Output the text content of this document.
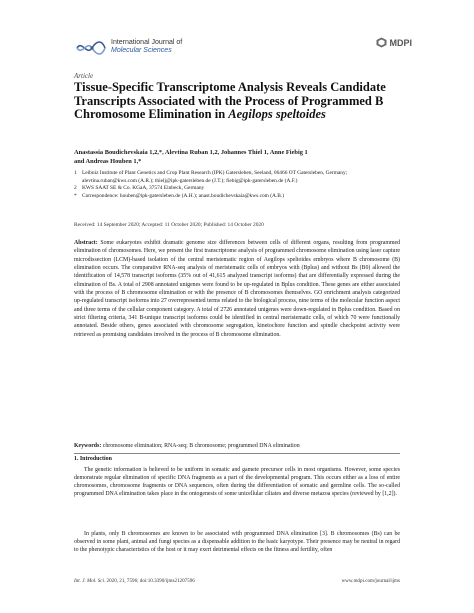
International Journal of
Molecular Sciences
MDPI
Article
Tissue-Specific Transcriptome Analysis Reveals Candidate Transcripts Associated with the Process of Programmed B Chromosome Elimination in Aegilops speltoides
Anastassia Boudichevskaia 1,2,*, Alevtina Ruban 1,2, Johannes Thiel 1, Anne Fiebig 1
and Andreas Houben 1,*
1 Leibniz Institute of Plant Genetics and Crop Plant Research (IPK) Gatersleben, Seeland, 06466 OT Gatersleben, Germany; alevtina.ruban@kws.com (A.R.); thielj@ipk-gatersleben.de (J.T.); fiebig@ipk-gatersleben.de (A.F.)
2 KWS SAAT SE & Co. KGaA, 37574 Einbeck, Germany
* Correspondence: houben@ipk-gatersleben.de (A.H.); anast.boudichevskaia@kws.com (A.B.)
Received: 14 September 2020; Accepted: 11 October 2020; Published: 14 October 2020
Abstract: Some eukaryotes exhibit dramatic genome size differences between cells of different organs, resulting from programmed elimination of chromosomes. Here, we present the first transcriptome analysis of programmed chromosome elimination using laser capture microdissection (LCM)-based isolation of the central meristematic region of Aegilops speltoides embryos where B chromosome (B) elimination occurs. The comparative RNA-seq analysis of meristematic cells of embryos with (Bplus) and without Bs (B0) allowed the identification of 14,578 transcript isoforms (35% out of 41,615 analyzed transcript isoforms) that are differentially expressed during the elimination of Bs. A total of 2908 annotated unigenes were found to be up-regulated in Bplus condition. These genes are either associated with the process of B chromosome elimination or with the presence of B chromosomes themselves. GO enrichment analysis categorized up-regulated transcript isoforms into 27 overrepresented terms related to the biological process, nine terms of the molecular function aspect and three terms of the cellular component category. A total of 2726 annotated unigenes were down-regulated in Bplus condition. Based on strict filtering criteria, 341 B-unique transcript isoforms could be identified in central meristematic cells, of which 70 were functionally annotated. Beside others, genes associated with chromosome segregation, kinetochore function and spindle checkpoint activity were retrieved as promising candidates involved in the process of B chromosome elimination.
Keywords: chromosome elimination; RNA-seq; B chromosome; programmed DNA elimination
1. Introduction

The genetic information is believed to be uniform in somatic and gamete precursor cells in most organisms. However, some species demonstrate regular elimination of specific DNA fragments as a part of the developmental program. This occurs either as a loss of entire chromosomes, chromosome fragments or DNA sequences, often during the differentiation of somatic and germline cells. The so-called programmed DNA elimination takes place in the ontogenesis of some unicellular ciliates and diverse metazoa species (reviewed by [1,2]).

In plants, only B chromosomes are known to be associated with programmed DNA elimination [3]. B chromosomes (Bs) can be observed in some plant, animal and fungi species as a dispensable addition to the basic karyotype. Their presence may be neutral in regard to the phenotypic characteristics of the host or it may exert detrimental effects on the fitness and fertility, often

Int. J. Mol. Sci. 2020, 21, 7596; doi:10.3390/ijms21207596	www.mdpi.com/journal/ijms
